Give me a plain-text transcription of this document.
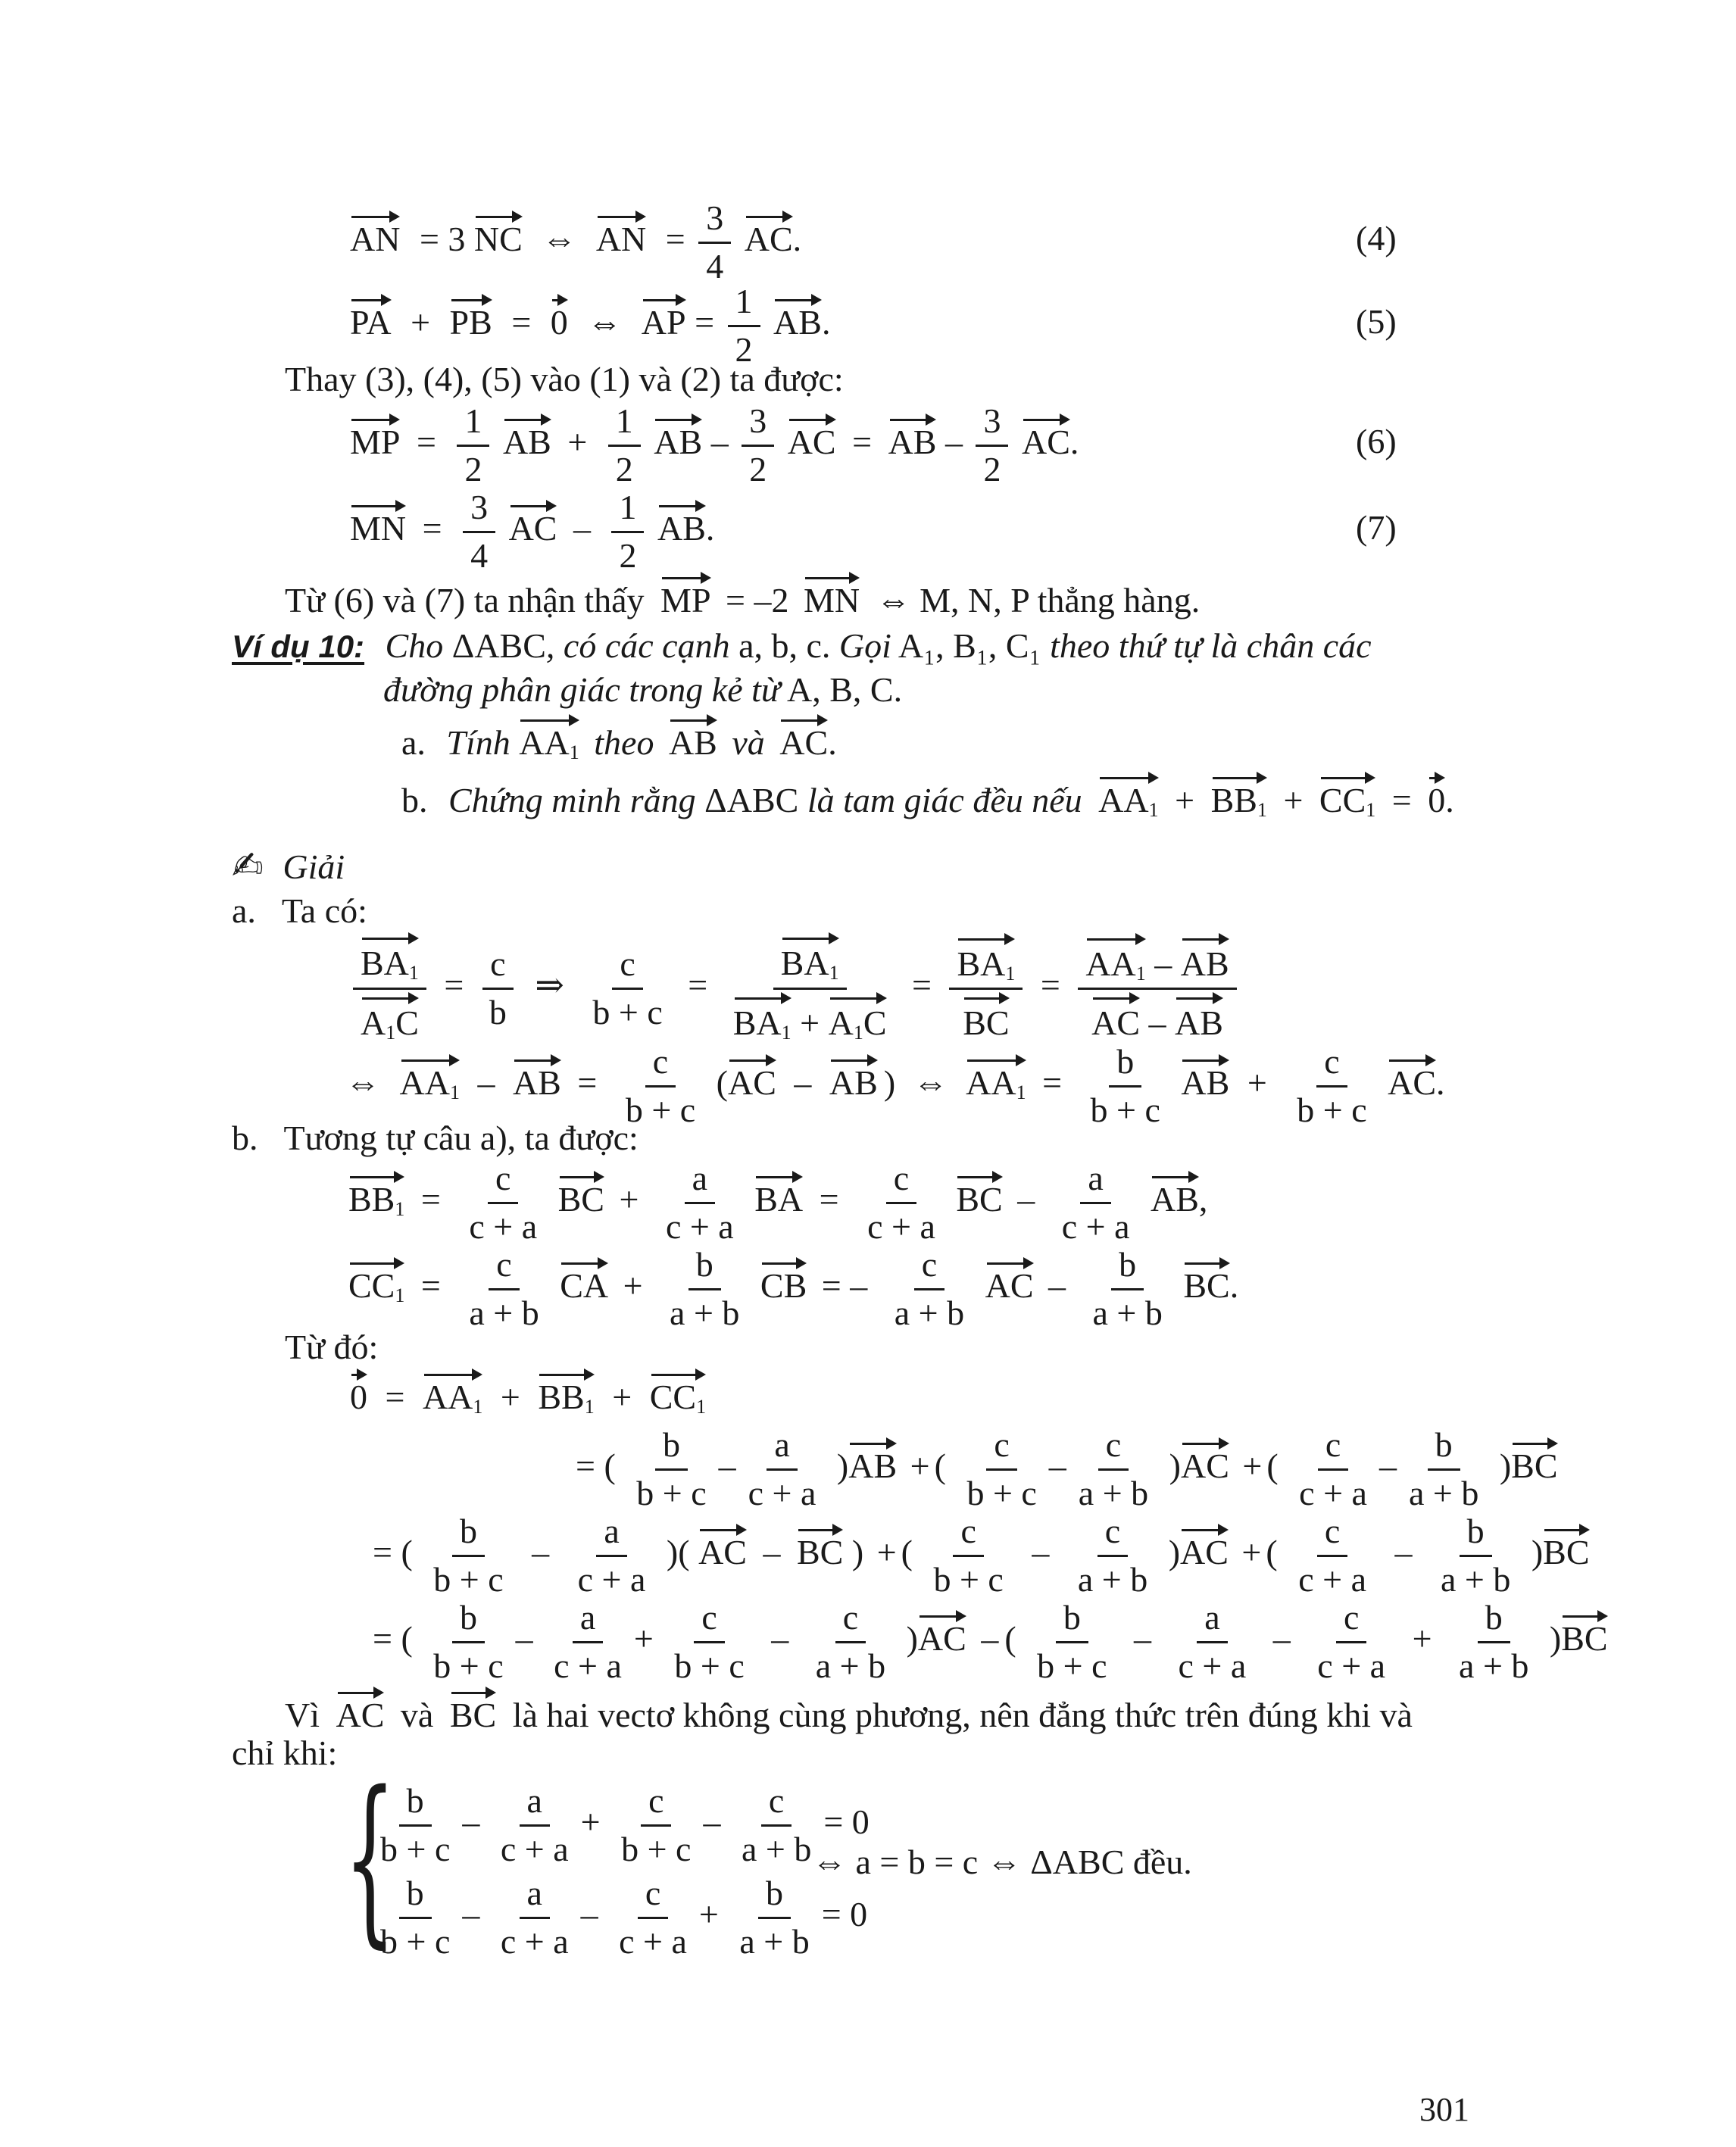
AN = 3 NC ⇔ AN = $\frac{3}{4}$ AC.	(4)
PA + PB = 0 ⇔ AP = $\frac{1}{2}$ AB.	(5)
Thay (3), (4), (5) vào (1) và (2) ta được:
MP = $\frac{1}{2}$ AB + $\frac{1}{2}$ AB – $\frac{3}{2}$ AC = AB – $\frac{3}{2}$ AC.	(6)
MN = $\frac{3}{4}$ AC – $\frac{1}{2}$ AB.	(7)
Từ (6) và (7) ta nhận thấy MP = –2 MN ⇔ M, N, P thẳng hàng.
Ví dụ 10: Cho ΔABC, có các cạnh a, b, c. Gọi A₁, B₁, C₁ theo thứ tự là chân các
đường phân giác trong kẻ từ A, B, C.
a. Tính $AA_1$ theo AB và AC.
b. Chứng minh rằng ΔABC là tam giác đều nếu $AA_1 + BB_1 + CC_1 = 0$.
✍ Giải
a. Ta có:
$\frac{BA_1}{A_1C} = \frac{c}{b}$ ⇒ $\frac{c}{b + c} = \frac{BA_1}{BA_1 + A_1C} = \frac{BA_1}{BC} = \frac{AA_1 - AB}{AC - AB}$
⇔ $AA_1$ – AB = $\frac{c}{b + c} (AC$ – AB ) ⇔ $AA_1 = \frac{b}{b + c}$ AB + $\frac{c}{b + c}$ AC.
b. Tương tự câu a), ta được:
$BB_1 = \frac{c}{c + a}$ BC + $\frac{a}{c + a}$ BA = $\frac{c}{c + a}$ BC – $\frac{a}{c + a}$ AB,
$CC_1 = \frac{c}{a + b}$ CA + $\frac{b}{a + b}$ CB = – $\frac{c}{a + b}$ AC – $\frac{b}{a + b}$ BC.
Từ đó:
$0 = AA_1 + BB_1 + CC_1$
= ( $\frac{b}{b + c} - \frac{a}{c + a} )AB$ + ( $\frac{c}{b + c} - \frac{c}{a + b} )AC$ + ( $\frac{c}{c + a} - \frac{b}{a + b} )BC$
= ( $\frac{b}{b + c} - \frac{a}{c + a}$ )( AC – BC ) + ( $\frac{c}{b + c} - \frac{c}{a + b} )AC$ + ( $\frac{c}{c + a} - \frac{b}{a + b} )BC$
= ( $\frac{b}{b + c} - \frac{a}{c + a} + \frac{c}{b + c} - \frac{c}{a + b} )AC$ – ( $\frac{b}{b + c} - \frac{a}{c + a} - \frac{c}{c + a} + \frac{b}{a + b} )BC$
Vì AC và BC là hai vectơ không cùng phương, nên đẳng thức trên đúng khi và
chỉ khi: {
$\frac{b}{b + c} - \frac{a}{c + a} + \frac{c}{b + c} - \frac{c}{a + b} = 0$
$\frac{b}{b + c} - \frac{a}{c + a} - \frac{c}{c + a} + \frac{b}{a + b} = 0$
⇔ a = b = c ⇔ ΔABC đều.
301
